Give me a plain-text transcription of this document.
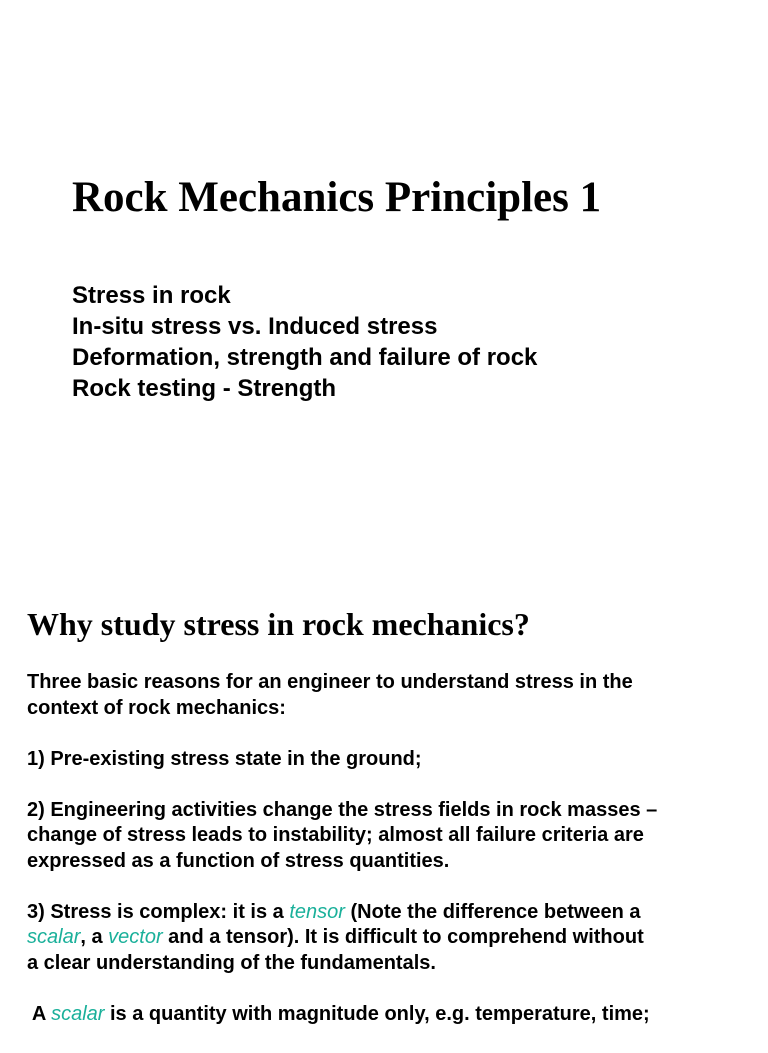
Rock Mechanics Principles 1
Stress in rock
In-situ stress vs. Induced stress
Deformation, strength and failure of rock
Rock testing - Strength
Why study stress in rock mechanics?

Three basic reasons for an engineer to understand stress in the
context of rock mechanics:

1) Pre-existing stress state in the ground;

2) Engineering activities change the stress fields in rock masses –
change of stress leads to instability; almost all failure criteria are
expressed as a function of stress quantities.

3) Stress is complex: it is a tensor (Note the difference between a
scalar, a vector and a tensor). It is difficult to comprehend without
a clear understanding of the fundamentals.

A scalar is a quantity with magnitude only, e.g. temperature, time;
